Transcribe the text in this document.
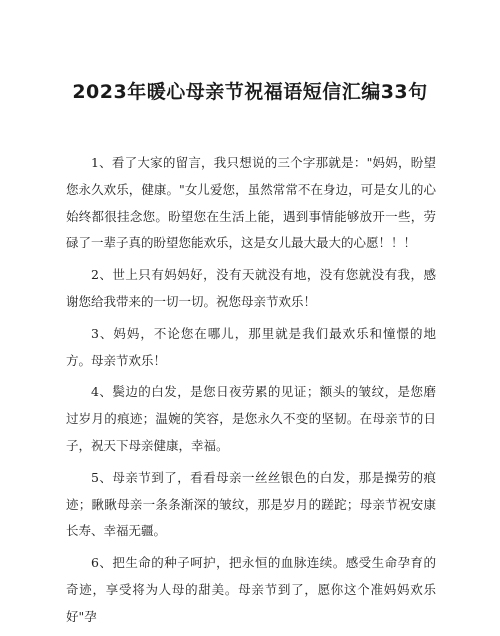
2023年暖心母亲节祝福语短信汇编33句

1、看了大家的留言，我只想说的三个字那就是："妈妈，盼望您永久欢乐，健康。"女儿爱您，虽然常常不在身边，可是女儿的心始终都很挂念您。盼望您在生活上能，遇到事情能够放开一些，劳碌了一辈子真的盼望您能欢乐，这是女儿最大最大的心愿！！！

2、世上只有妈妈好，没有天就没有地，没有您就没有我，感谢您给我带来的一切一切。祝您母亲节欢乐！

3、妈妈，不论您在哪儿，那里就是我们最欢乐和憧憬的地方。母亲节欢乐！

4、鬓边的白发，是您日夜劳累的见证；额头的皱纹，是您磨过岁月的痕迹；温婉的笑容，是您永久不变的坚韧。在母亲节的日子，祝天下母亲健康，幸福。

5、母亲节到了，看看母亲一丝丝银色的白发，那是操劳的痕迹；瞅瞅母亲一条条渐深的皱纹，那是岁月的蹉跎；母亲节祝安康长寿、幸福无疆。

6、把生命的种子呵护，把永恒的血脉连续。感受生命孕育的奇迹，享受将为人母的甜美。母亲节到了，愿你这个准妈妈欢乐好"孕
